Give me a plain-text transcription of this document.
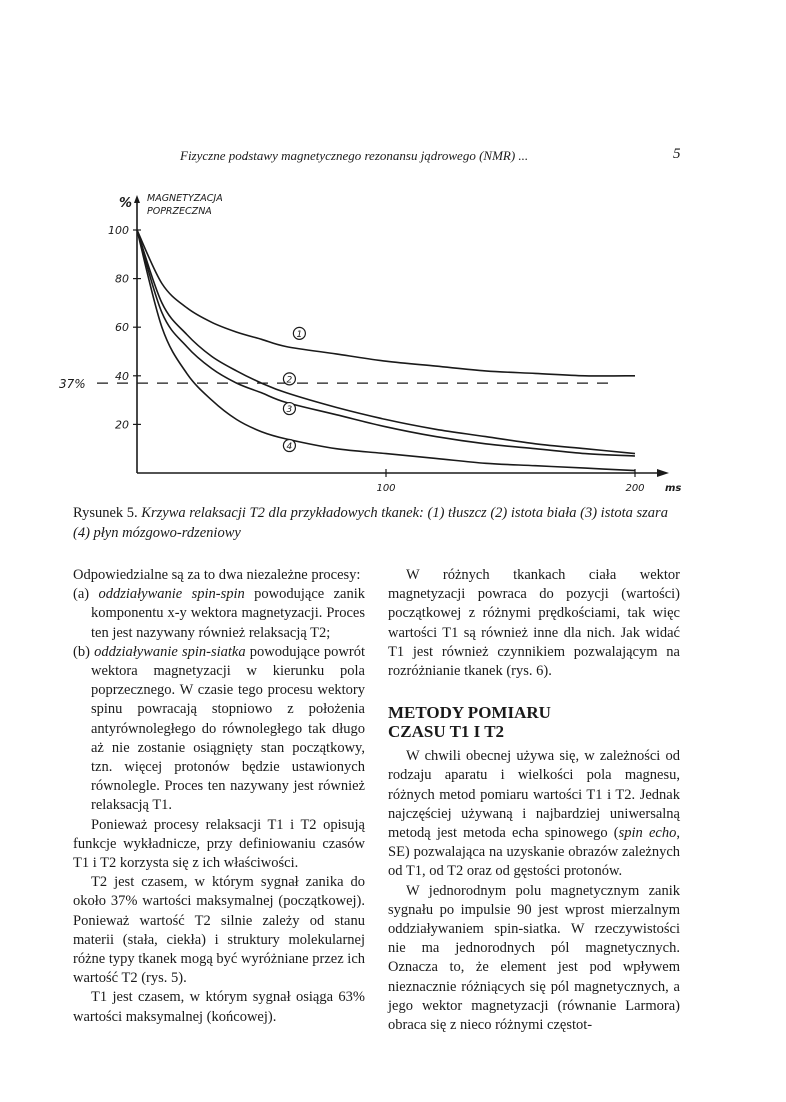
Fizyczne podstawy magnetycznego rezonansu jądrowego (NMR) ...	5
100
80
60
40
20
100	200
% MAGNETYZACJA
POPRZECZNA
ms
37%
1
2
3
4
Rysunek 5. Krzywa relaksacji T2 dla przykładowych tkanek: (1) tłuszcz (2) istota biała (3) istota szara (4) płyn mózgowo-rdzeniowy

Odpowiedzialne są za to dwa niezależne procesy:

(a) oddziaływanie spin-spin powodujące zanik komponentu x-y wektora magnetyzacji. Proces ten jest nazywany również relaksacją T2;

(b) oddziaływanie spin-siatka powodujące powrót wektora magnetyzacji w kierunku pola poprzecznego. W czasie tego procesu wektory spinu powracają stopniowo z położenia antyrównoległego do równoległego tak długo aż nie zostanie osiągnięty stan początkowy, tzn. więcej protonów będzie ustawionych równolegle. Proces ten nazywany jest również relaksacją T1.

Ponieważ procesy relaksacji T1 i T2 opisują funkcje wykładnicze, przy definiowaniu czasów T1 i T2 korzysta się z ich właściwości.

T2 jest czasem, w którym sygnał zanika do około 37% wartości maksymalnej (początkowej). Ponieważ wartość T2 silnie zależy od stanu materii (stała, ciekła) i struktury molekularnej różne typy tkanek mogą być wyróżniane przez ich wartość T2 (rys. 5).

T1 jest czasem, w którym sygnał osiąga 63% wartości maksymalnej (końcowej).

W różnych tkankach ciała wektor magnetyzacji powraca do pozycji (wartości) początkowej z różnymi prędkościami, tak więc wartości T1 są również inne dla nich. Jak widać T1 jest również czynnikiem pozwalającym na rozróżnianie tkanek (rys. 6).

METODY POMIARU
CZASU T1 I T2

W chwili obecnej używa się, w zależności od rodzaju aparatu i wielkości pola magnesu, różnych metod pomiaru wartości T1 i T2. Jednak najczęściej używaną i najbardziej uniwersalną metodą jest metoda echa spinowego (spin echo, SE) pozwalająca na uzyskanie obrazów zależnych od T1, od T2 oraz od gęstości protonów.

W jednorodnym polu magnetycznym zanik sygnału po impulsie 90 jest wprost mierzalnym oddziaływaniem spin-siatka. W rzeczywistości nie ma jednorodnych pól magnetycznych. Oznacza to, że element jest pod wpływem nieznacznie różniących się pól magnetycznych, a jego wektor magnetyzacji (równanie Larmora) obraca się z nieco różnymi częstot-
